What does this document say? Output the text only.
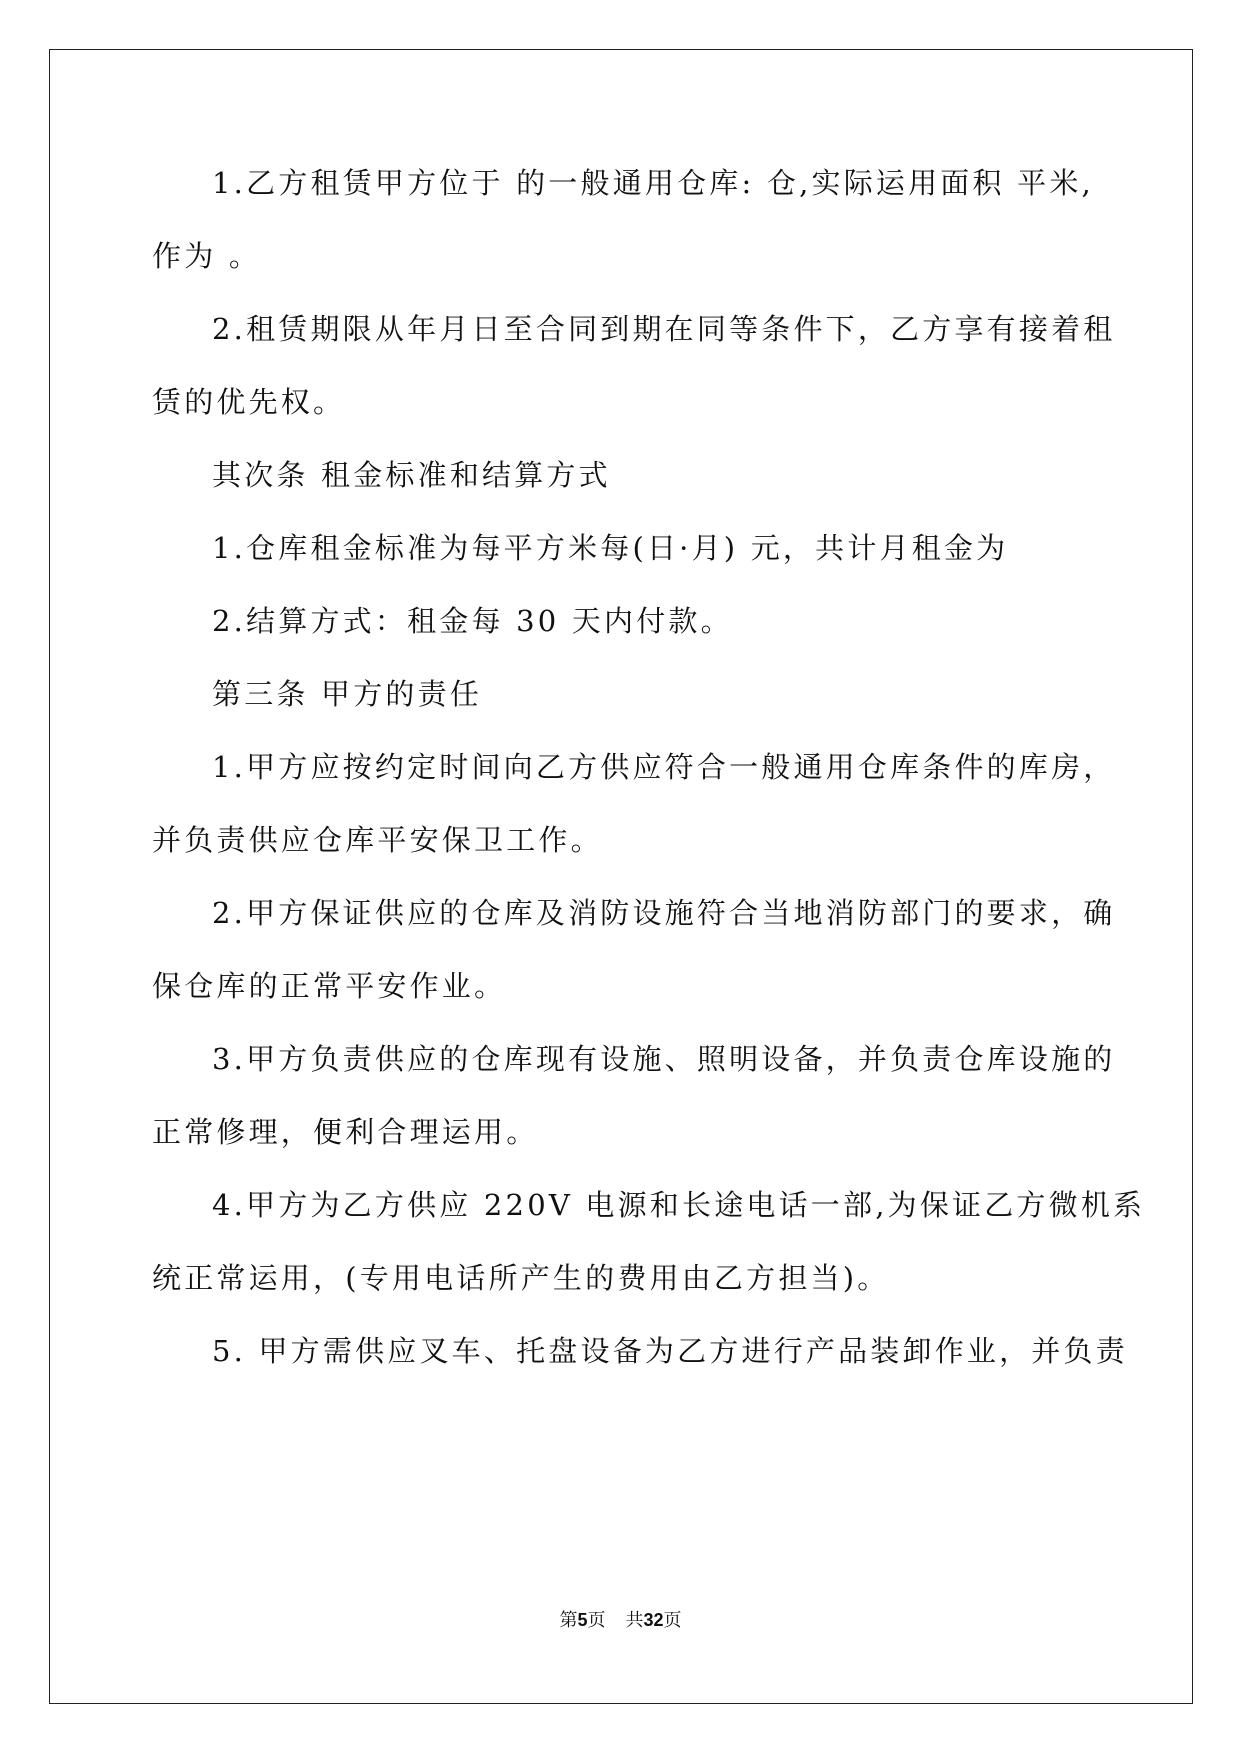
1.乙方租赁甲方位于 的一般通用仓库: 仓,实际运用面积 平米,
作为 。
2.租赁期限从年月日至合同到期在同等条件下，乙方享有接着租
赁的优先权。
其次条 租金标准和结算方式
1.仓库租金标准为每平方米每(日·月) 元，共计月租金为
2.结算方式：租金每 30 天内付款。
第三条 甲方的责任
1.甲方应按约定时间向乙方供应符合一般通用仓库条件的库房，
并负责供应仓库平安保卫工作。
2.甲方保证供应的仓库及消防设施符合当地消防部门的要求，确
保仓库的正常平安作业。
3.甲方负责供应的仓库现有设施、照明设备，并负责仓库设施的
正常修理，便利合理运用。
4.甲方为乙方供应 220V 电源和长途电话一部,为保证乙方微机系
统正常运用，(专用电话所产生的费用由乙方担当)。
5. 甲方需供应叉车、托盘设备为乙方进行产品装卸作业，并负责
第5页 共32页
